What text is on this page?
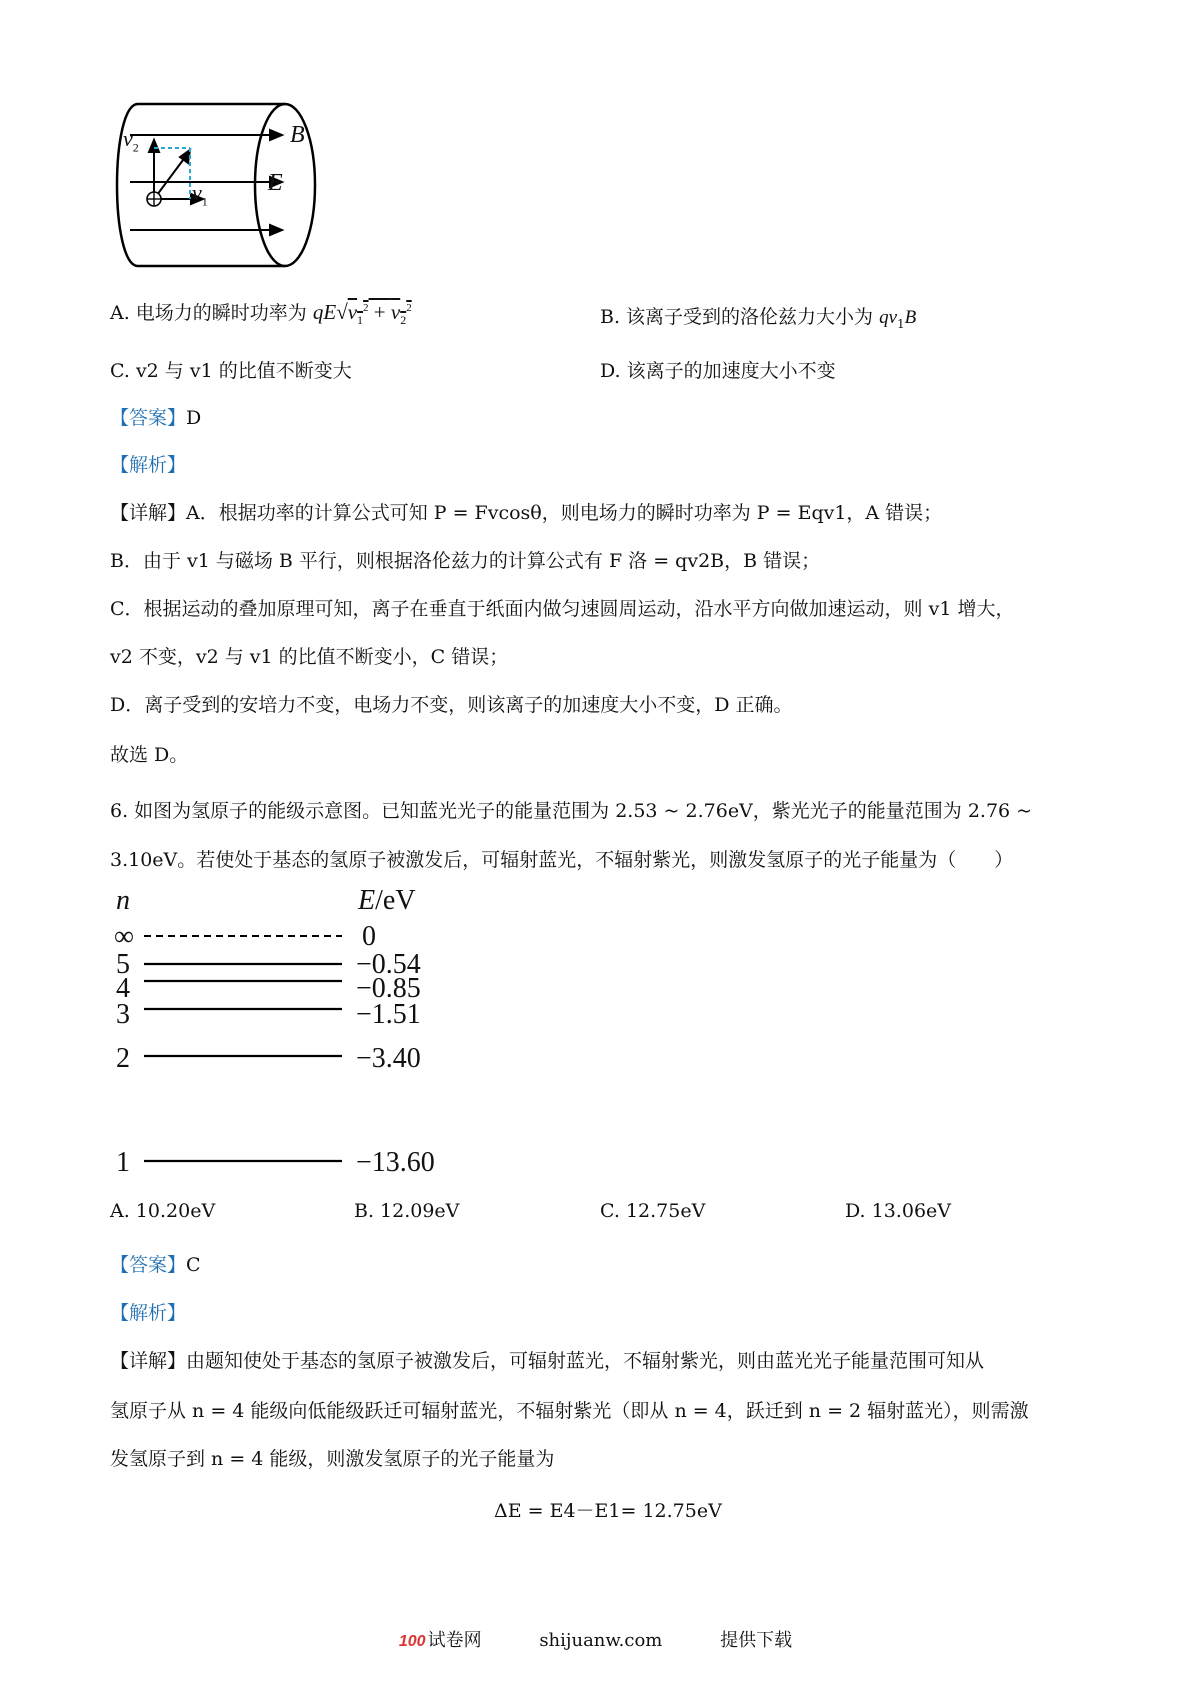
$v_2$
$v_1$
B
E
A. 电场力的瞬时功率为 $qE√v_1^2 + v_2^2$	B. 该离子受到的洛伦兹力大小为 $qv_1B$
C. v2 与 v1 的比值不断变大	D. 该离子的加速度大小不变
【答案】D
【解析】
【详解】A．根据功率的计算公式可知 P = Fvcosθ，则电场力的瞬时功率为 P = Eqv1，A 错误；
B．由于 v1 与磁场 B 平行，则根据洛伦兹力的计算公式有 F 洛 = qv2B，B 错误；
C．根据运动的叠加原理可知，离子在垂直于纸面内做匀速圆周运动，沿水平方向做加速运动，则 v1 增大，
v2 不变，v2 与 v1 的比值不断变小，C 错误；
D．离子受到的安培力不变，电场力不变，则该离子的加速度大小不变，D 正确。
故选 D。
6. 如图为氢原子的能级示意图。已知蓝光光子的能量范围为 2.53 ~ 2.76eV，紫光光子的能量范围为 2.76 ~
3.10eV。若使处于基态的氢原子被激发后，可辐射蓝光，不辐射紫光，则激发氢原子的光子能量为（　　）
n	E/eV
∞	0
5	−0.54
4	−0.85
3	−1.51
2	−3.40
1	−13.60
A. 10.20eV	B. 12.09eV	C. 12.75eV	D. 13.06eV
【答案】C
【解析】
【详解】由题知使处于基态的氢原子被激发后，可辐射蓝光，不辐射紫光，则由蓝光光子能量范围可知从
氢原子从 n = 4 能级向低能级跃迁可辐射蓝光，不辐射紫光（即从 n = 4，跃迁到 n = 2 辐射蓝光），则需激
发氢原子到 n = 4 能级，则激发氢原子的光子能量为
ΔE = E4－E1= 12.75eV
100 试卷网	shijuanw.com	提供下载
